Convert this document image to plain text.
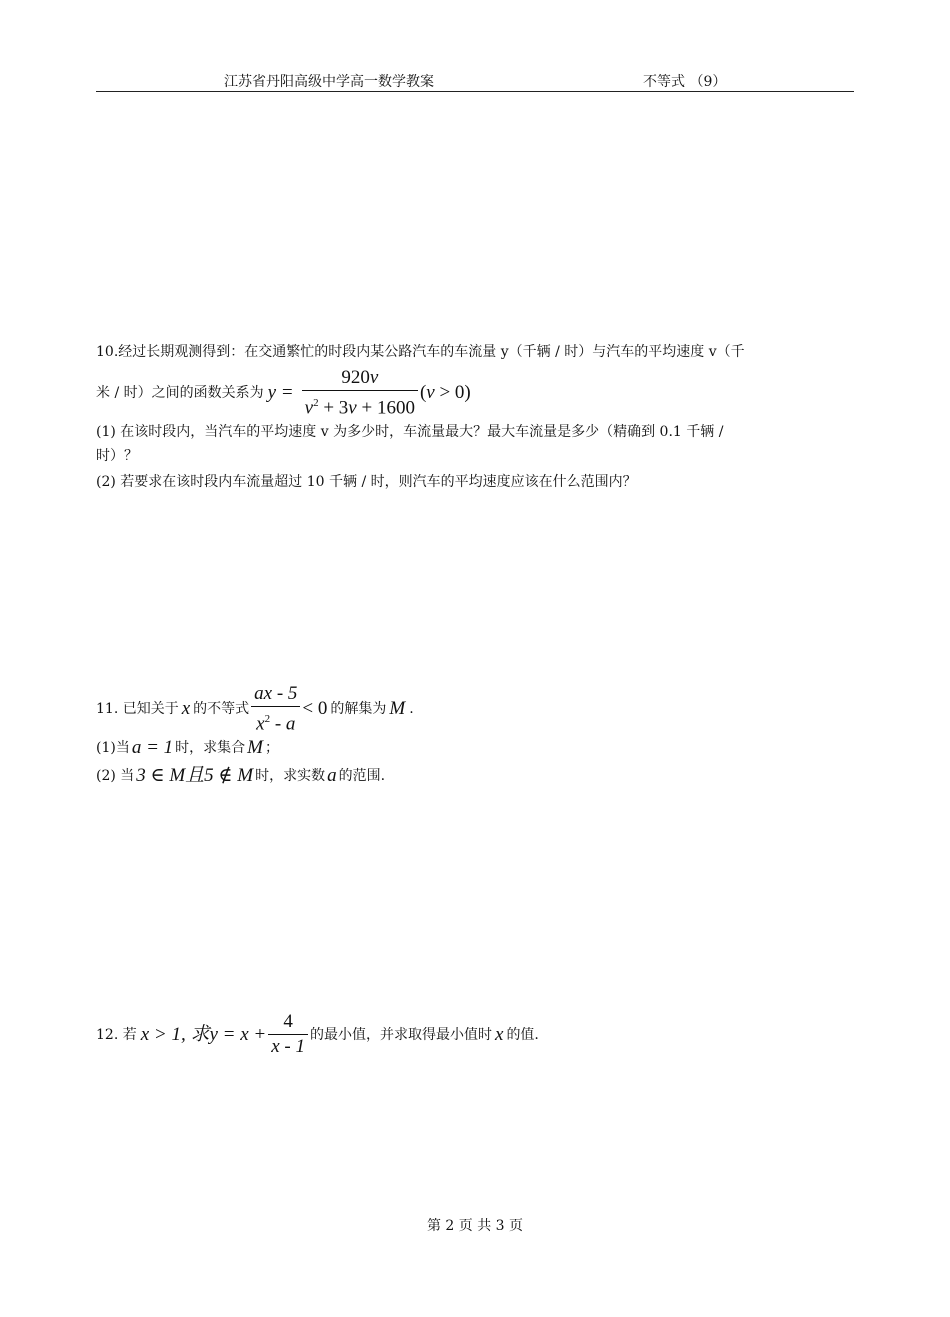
江苏省丹阳高级中学高一数学教案	不等式 （9）
10.经过长期观测得到：在交通繁忙的时段内某公路汽车的车流量 y（千辆 / 时）与汽车的平均速度 v（千
米 / 时）之间的函数关系为 $y = \frac{920v}{v^2 + 3v + 1600} (v > 0)$
(1) 在该时段内，当汽车的平均速度 v 为多少时，车流量最大？最大车流量是多少（精确到 0.1 千辆 /
时）？
(2) 若要求在该时段内车流量超过 10 千辆 / 时，则汽车的平均速度应该在什么范围内？
11. 已知关于 x 的不等式 $\frac{ax - 5}{x^2 - a} < 0$ 的解集为 M .
(1)当 a = 1 时，求集合 M ；
(2) 当 3 ∈ M且5 ∉ M 时，求实数 a 的范围.
12. 若 x > 1, 求$y = x + \frac{4}{x - 1}$ 的最小值，并求取得最小值时 x 的值.
第 2 页 共 3 页
